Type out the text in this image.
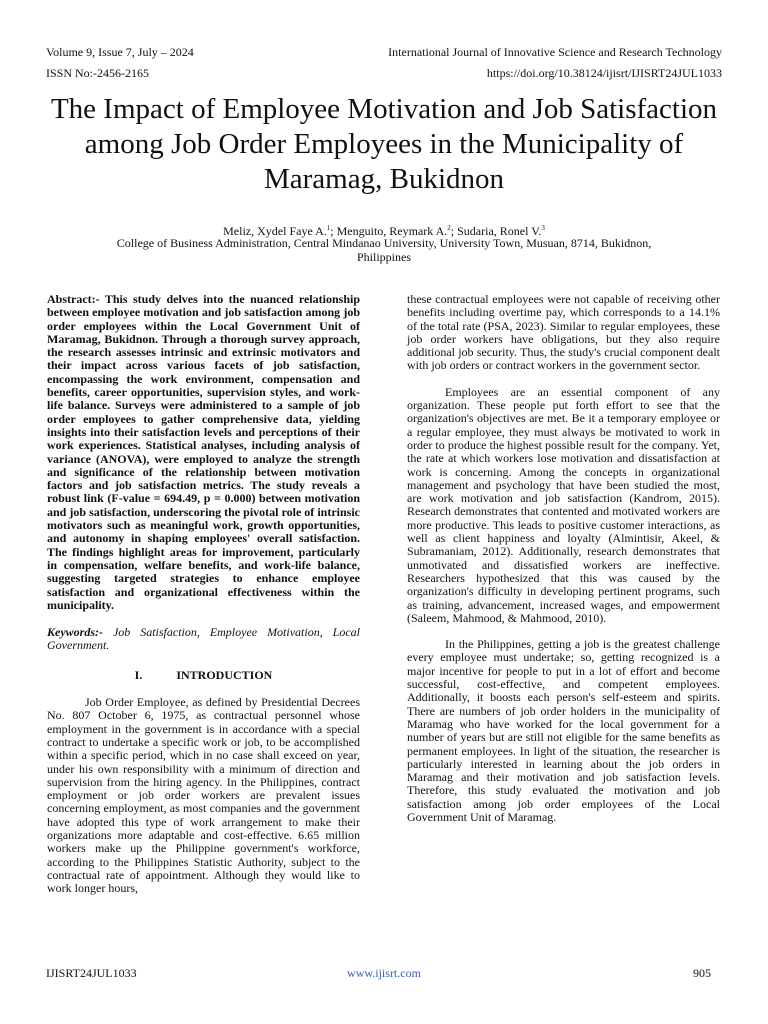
Volume 9, Issue 7, July – 2024	International Journal of Innovative Science and Research Technology
ISSN No:-2456-2165	https://doi.org/10.38124/ijisrt/IJISRT24JUL1033
The Impact of Employee Motivation and Job Satisfaction among Job Order Employees in the Municipality of Maramag, Bukidnon
Meliz, Xydel Faye A.$^1$; Menguito, Reymark A.$^2$; Sudaria, Ronel V.$^3$
College of Business Administration, Central Mindanao University, University Town, Musuan, 8714, Bukidnon, Philippines

Abstract:- This study delves into the nuanced relationship between employee motivation and job satisfaction among job order employees within the Local Government Unit of Maramag, Bukidnon. Through a thorough survey approach, the research assesses intrinsic and extrinsic motivators and their impact across various facets of job satisfaction, encompassing the work environment, compensation and benefits, career opportunities, supervision styles, and work-life balance. Surveys were administered to a sample of job order employees to gather comprehensive data, yielding insights into their satisfaction levels and perceptions of their work experiences. Statistical analyses, including analysis of variance (ANOVA), were employed to analyze the strength and significance of the relationship between motivation factors and job satisfaction metrics. The study reveals a robust link (F-value = 694.49, p = 0.000) between motivation and job satisfaction, underscoring the pivotal role of intrinsic motivators such as meaningful work, growth opportunities, and autonomy in shaping employees' overall satisfaction. The findings highlight areas for improvement, particularly in compensation, welfare benefits, and work-life balance, suggesting targeted strategies to enhance employee satisfaction and organizational effectiveness within the municipality.

Keywords:- Job Satisfaction, Employee Motivation, Local Government.

I.	INTRODUCTION

Job Order Employee, as defined by Presidential Decrees No. 807 October 6, 1975, as contractual personnel whose employment in the government is in accordance with a special contract to undertake a specific work or job, to be accomplished within a specific period, which in no case shall exceed on year, under his own responsibility with a minimum of direction and supervision from the hiring agency. In the Philippines, contract employment or job order workers are prevalent issues concerning employment, as most companies and the government have adopted this type of work arrangement to make their organizations more adaptable and cost-effective. 6.65 million workers make up the Philippine government's workforce, according to the Philippines Statistic Authority, subject to the contractual rate of appointment. Although they would like to work longer hours,

these contractual employees were not capable of receiving other benefits including overtime pay, which corresponds to a 14.1% of the total rate (PSA, 2023). Similar to regular employees, these job order workers have obligations, but they also require additional job security. Thus, the study's crucial component dealt with job orders or contract workers in the government sector.

Employees are an essential component of any organization. These people put forth effort to see that the organization's objectives are met. Be it a temporary employee or a regular employee, they must always be motivated to work in order to produce the highest possible result for the company. Yet, the rate at which workers lose motivation and dissatisfaction at work is concerning. Among the concepts in organizational management and psychology that have been studied the most, are work motivation and job satisfaction (Kandrom, 2015). Research demonstrates that contented and motivated workers are more productive. This leads to positive customer interactions, as well as client happiness and loyalty (Almintisir, Akeel, & Subramaniam, 2012). Additionally, research demonstrates that unmotivated and dissatisfied workers are ineffective. Researchers hypothesized that this was caused by the organization's difficulty in developing pertinent programs, such as training, advancement, increased wages, and empowerment (Saleem, Mahmood, & Mahmood, 2010).

In the Philippines, getting a job is the greatest challenge every employee must undertake; so, getting recognized is a major incentive for people to put in a lot of effort and become successful, cost-effective, and competent employees. Additionally, it boosts each person's self-esteem and spirits. There are numbers of job order holders in the municipality of Maramag who have worked for the local government for a number of years but are still not eligible for the same benefits as permanent employees. In light of the situation, the researcher is particularly interested in learning about the job orders in Maramag and their motivation and job satisfaction levels. Therefore, this study evaluated the motivation and job satisfaction among job order employees of the Local Government Unit of Maramag.

IJISRT24JUL1033	www.ijisrt.com	905
